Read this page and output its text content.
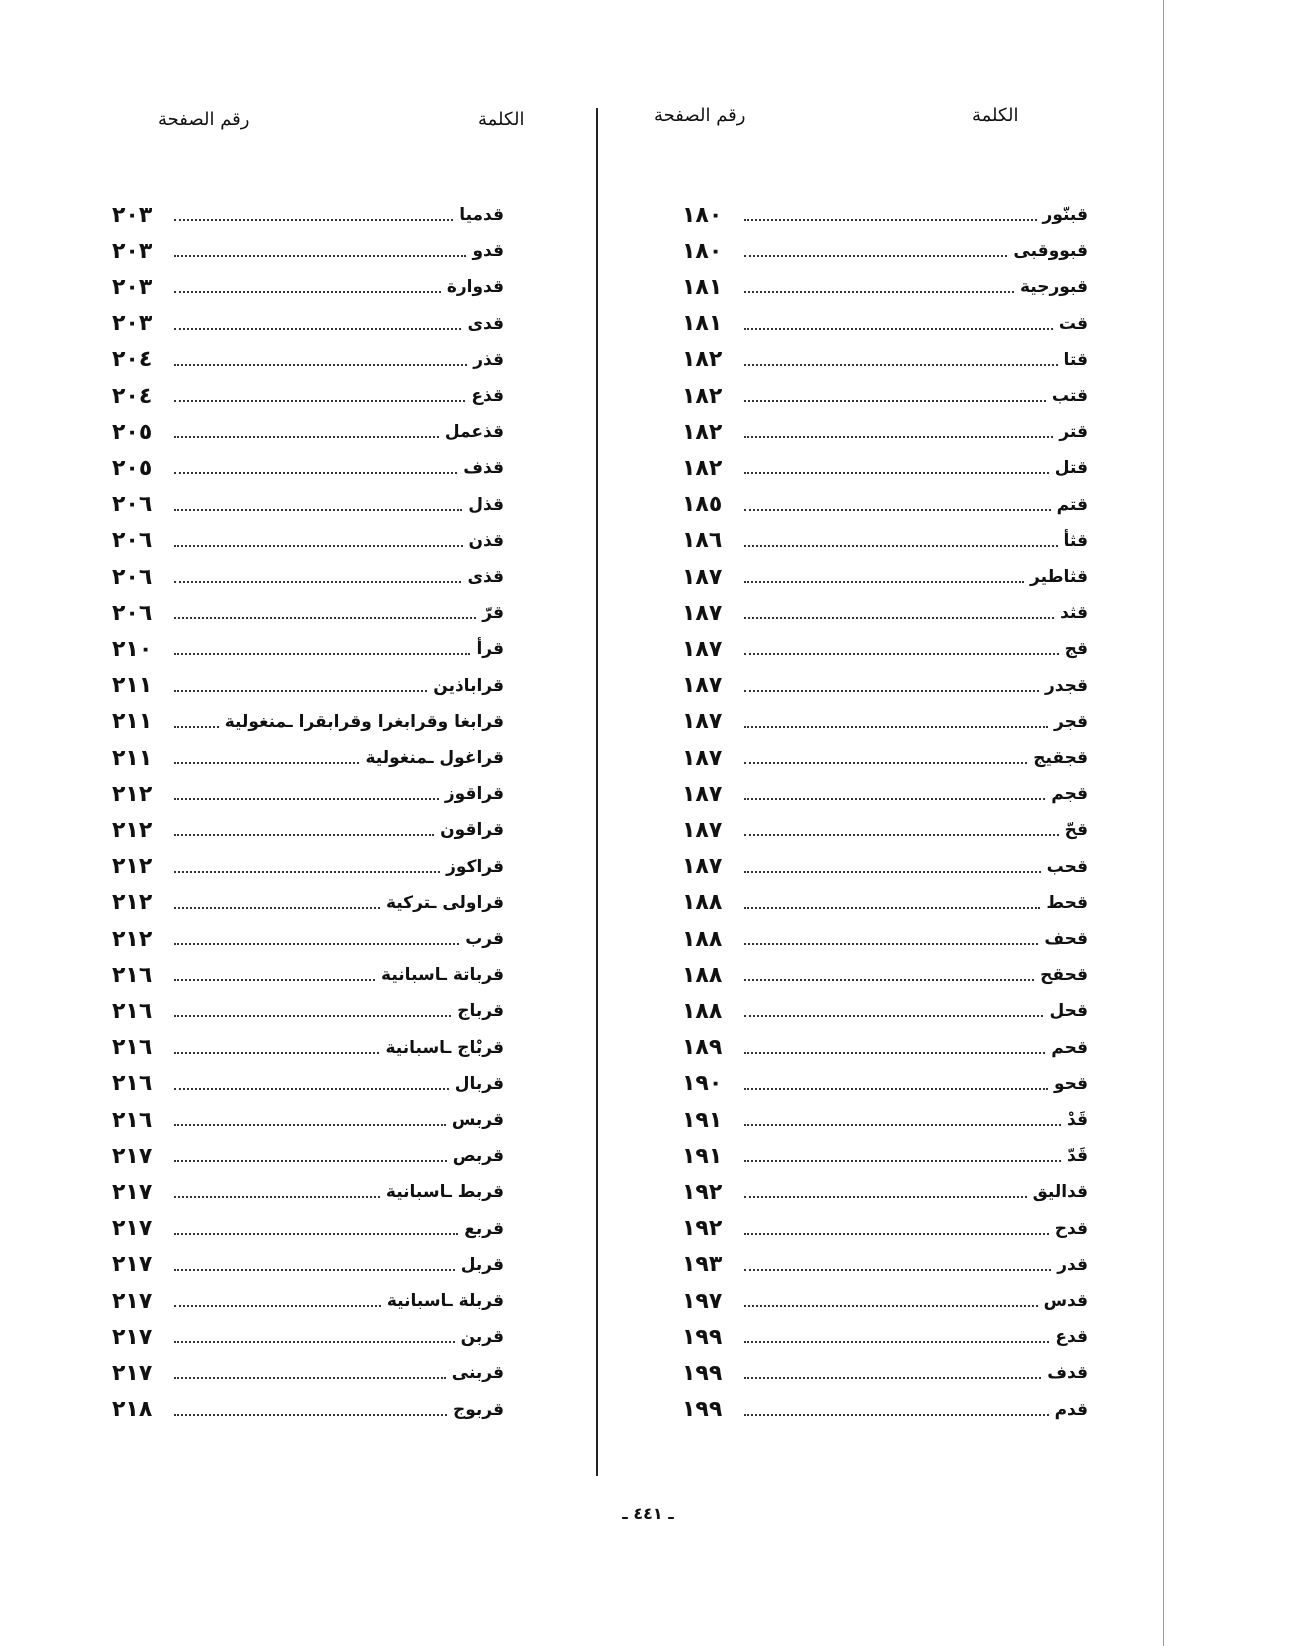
الكلمة
رقم الصفحة
الكلمة
رقم الصفحة
قبنّور
١٨٠
قبووقبى
١٨٠
قبورجية
١٨١
قت
١٨١
قتا
١٨٢
قتب
١٨٢
قتر
١٨٢
قتل
١٨٢
قتم
١٨٥
قثأ
١٨٦
قثاطير
١٨٧
قثد
١٨٧
قج
١٨٧
قجدر
١٨٧
قجر
١٨٧
قجقيج
١٨٧
قجم
١٨٧
قحّ
١٨٧
قحب
١٨٧
قحط
١٨٨
قحف
١٨٨
قحقح
١٨٨
قحل
١٨٨
قحم
١٨٩
قحو
١٩٠
قَدْ
١٩١
قَدّ
١٩١
قداليق
١٩٢
قدح
١٩٢
قدر
١٩٣
قدس
١٩٧
قدع
١٩٩
قدف
١٩٩
قدم
١٩٩
قدميا
٢٠٣
قدو
٢٠٣
قدوارة
٢٠٣
قدى
٢٠٣
قذر
٢٠٤
قذع
٢٠٤
قذعمل
٢٠٥
قذف
٢٠٥
قذل
٢٠٦
قذن
٢٠٦
قذى
٢٠٦
قرّ
٢٠٦
قرأ
٢١٠
قراباذين
٢١١
قرابغا وقرابغرا وقرابقرا ـمنغولية
٢١١
قراغول ـمنغولية
٢١١
قراقوز
٢١٢
قراقون
٢١٢
قراكوز
٢١٢
قراولى ـتركية
٢١٢
قرب
٢١٢
قرباتة ـاسبانية
٢١٦
قرباج
٢١٦
قربْاج ـاسبانية
٢١٦
قربال
٢١٦
قربس
٢١٦
قربص
٢١٧
قربط ـاسبانية
٢١٧
قربع
٢١٧
قربل
٢١٧
قربلة ـاسبانية
٢١٧
قربن
٢١٧
قربنى
٢١٧
قربوج
٢١٨
ـ ٤٤١ ـ
